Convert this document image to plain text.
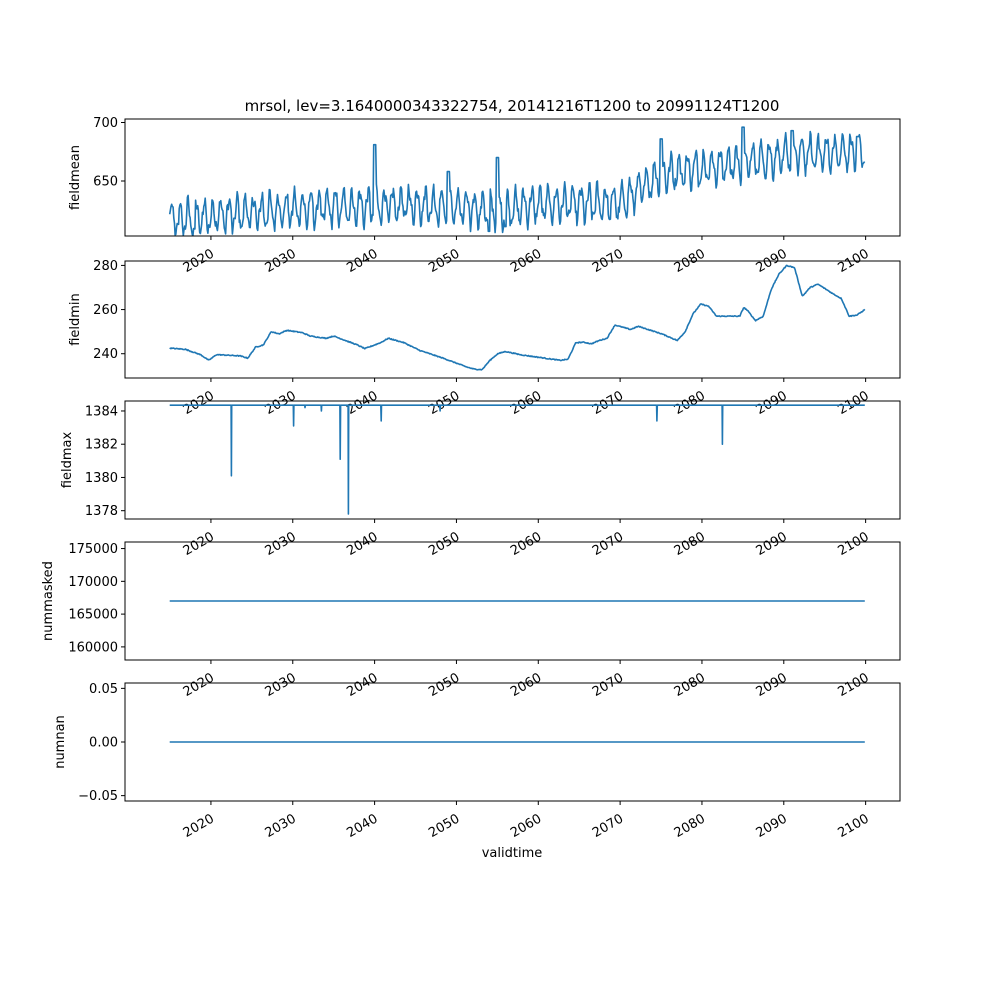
mrsol, lev=3.1640000343322754, 20141216T1200 to 20991124T1200
650
700
fieldmean
2020	2030	2040	2050	2060	2070	2080	2090	2100
240
260
280
fieldmin
2020	2030	2040	2050	2060	2070	2080	2090	2100
1378
1380
1382
1384
fieldmax
2020	2030	2040	2050	2060	2070	2080	2090	2100
160000
165000
170000
175000
nummasked
2020	2030	2040	2050	2060	2070	2080	2090	2100
−0.05
0.00
0.05
numnan
2020	2030	2040	2050	2060	2070	2080	2090	2100
validtime
